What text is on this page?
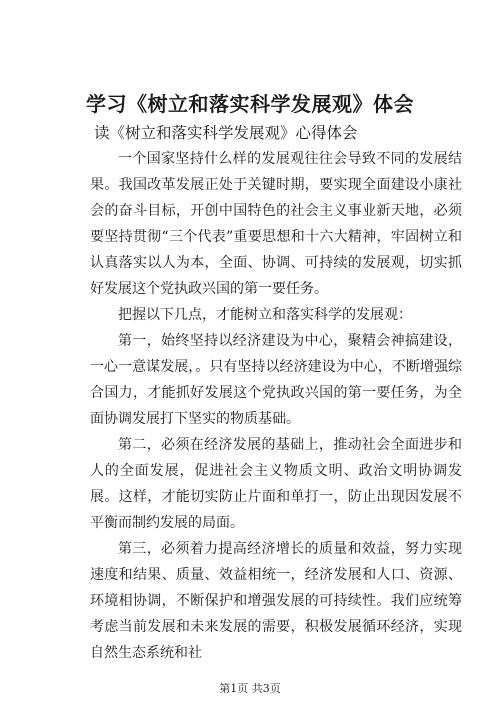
学习《树立和落实科学发展观》体会
读《树立和落实科学发展观》心得体会

一个国家坚持什么样的发展观往往会导致不同的发展结果。我国改革发展正处于关键时期，要实现全面建设小康社会的奋斗目标，开创中国特色的社会主义事业新天地，必须要坚持贯彻“三个代表”重要思想和十六大精神，牢固树立和认真落实以人为本，全面、协调、可持续的发展观，切实抓好发展这个党执政兴国的第一要任务。

把握以下几点，才能树立和落实科学的发展观：

第一，始终坚持以经济建设为中心，聚精会神搞建设，一心一意谋发展，。只有坚持以经济建设为中心，不断增强综合国力，才能抓好发展这个党执政兴国的第一要任务，为全面协调发展打下坚实的物质基础。

第二，必须在经济发展的基础上，推动社会全面进步和人的全面发展，促进社会主义物质文明、政治文明协调发展。这样，才能切实防止片面和单打一，防止出现因发展不平衡而制约发展的局面。

第三，必须着力提高经济增长的质量和效益，努力实现速度和结果、质量、效益相统一，经济发展和人口、资源、环境相协调，不断保护和增强发展的可持续性。我们应统筹考虑当前发展和未来发展的需要，积极发展循环经济，实现自然生态系统和社

第1页 共3页
